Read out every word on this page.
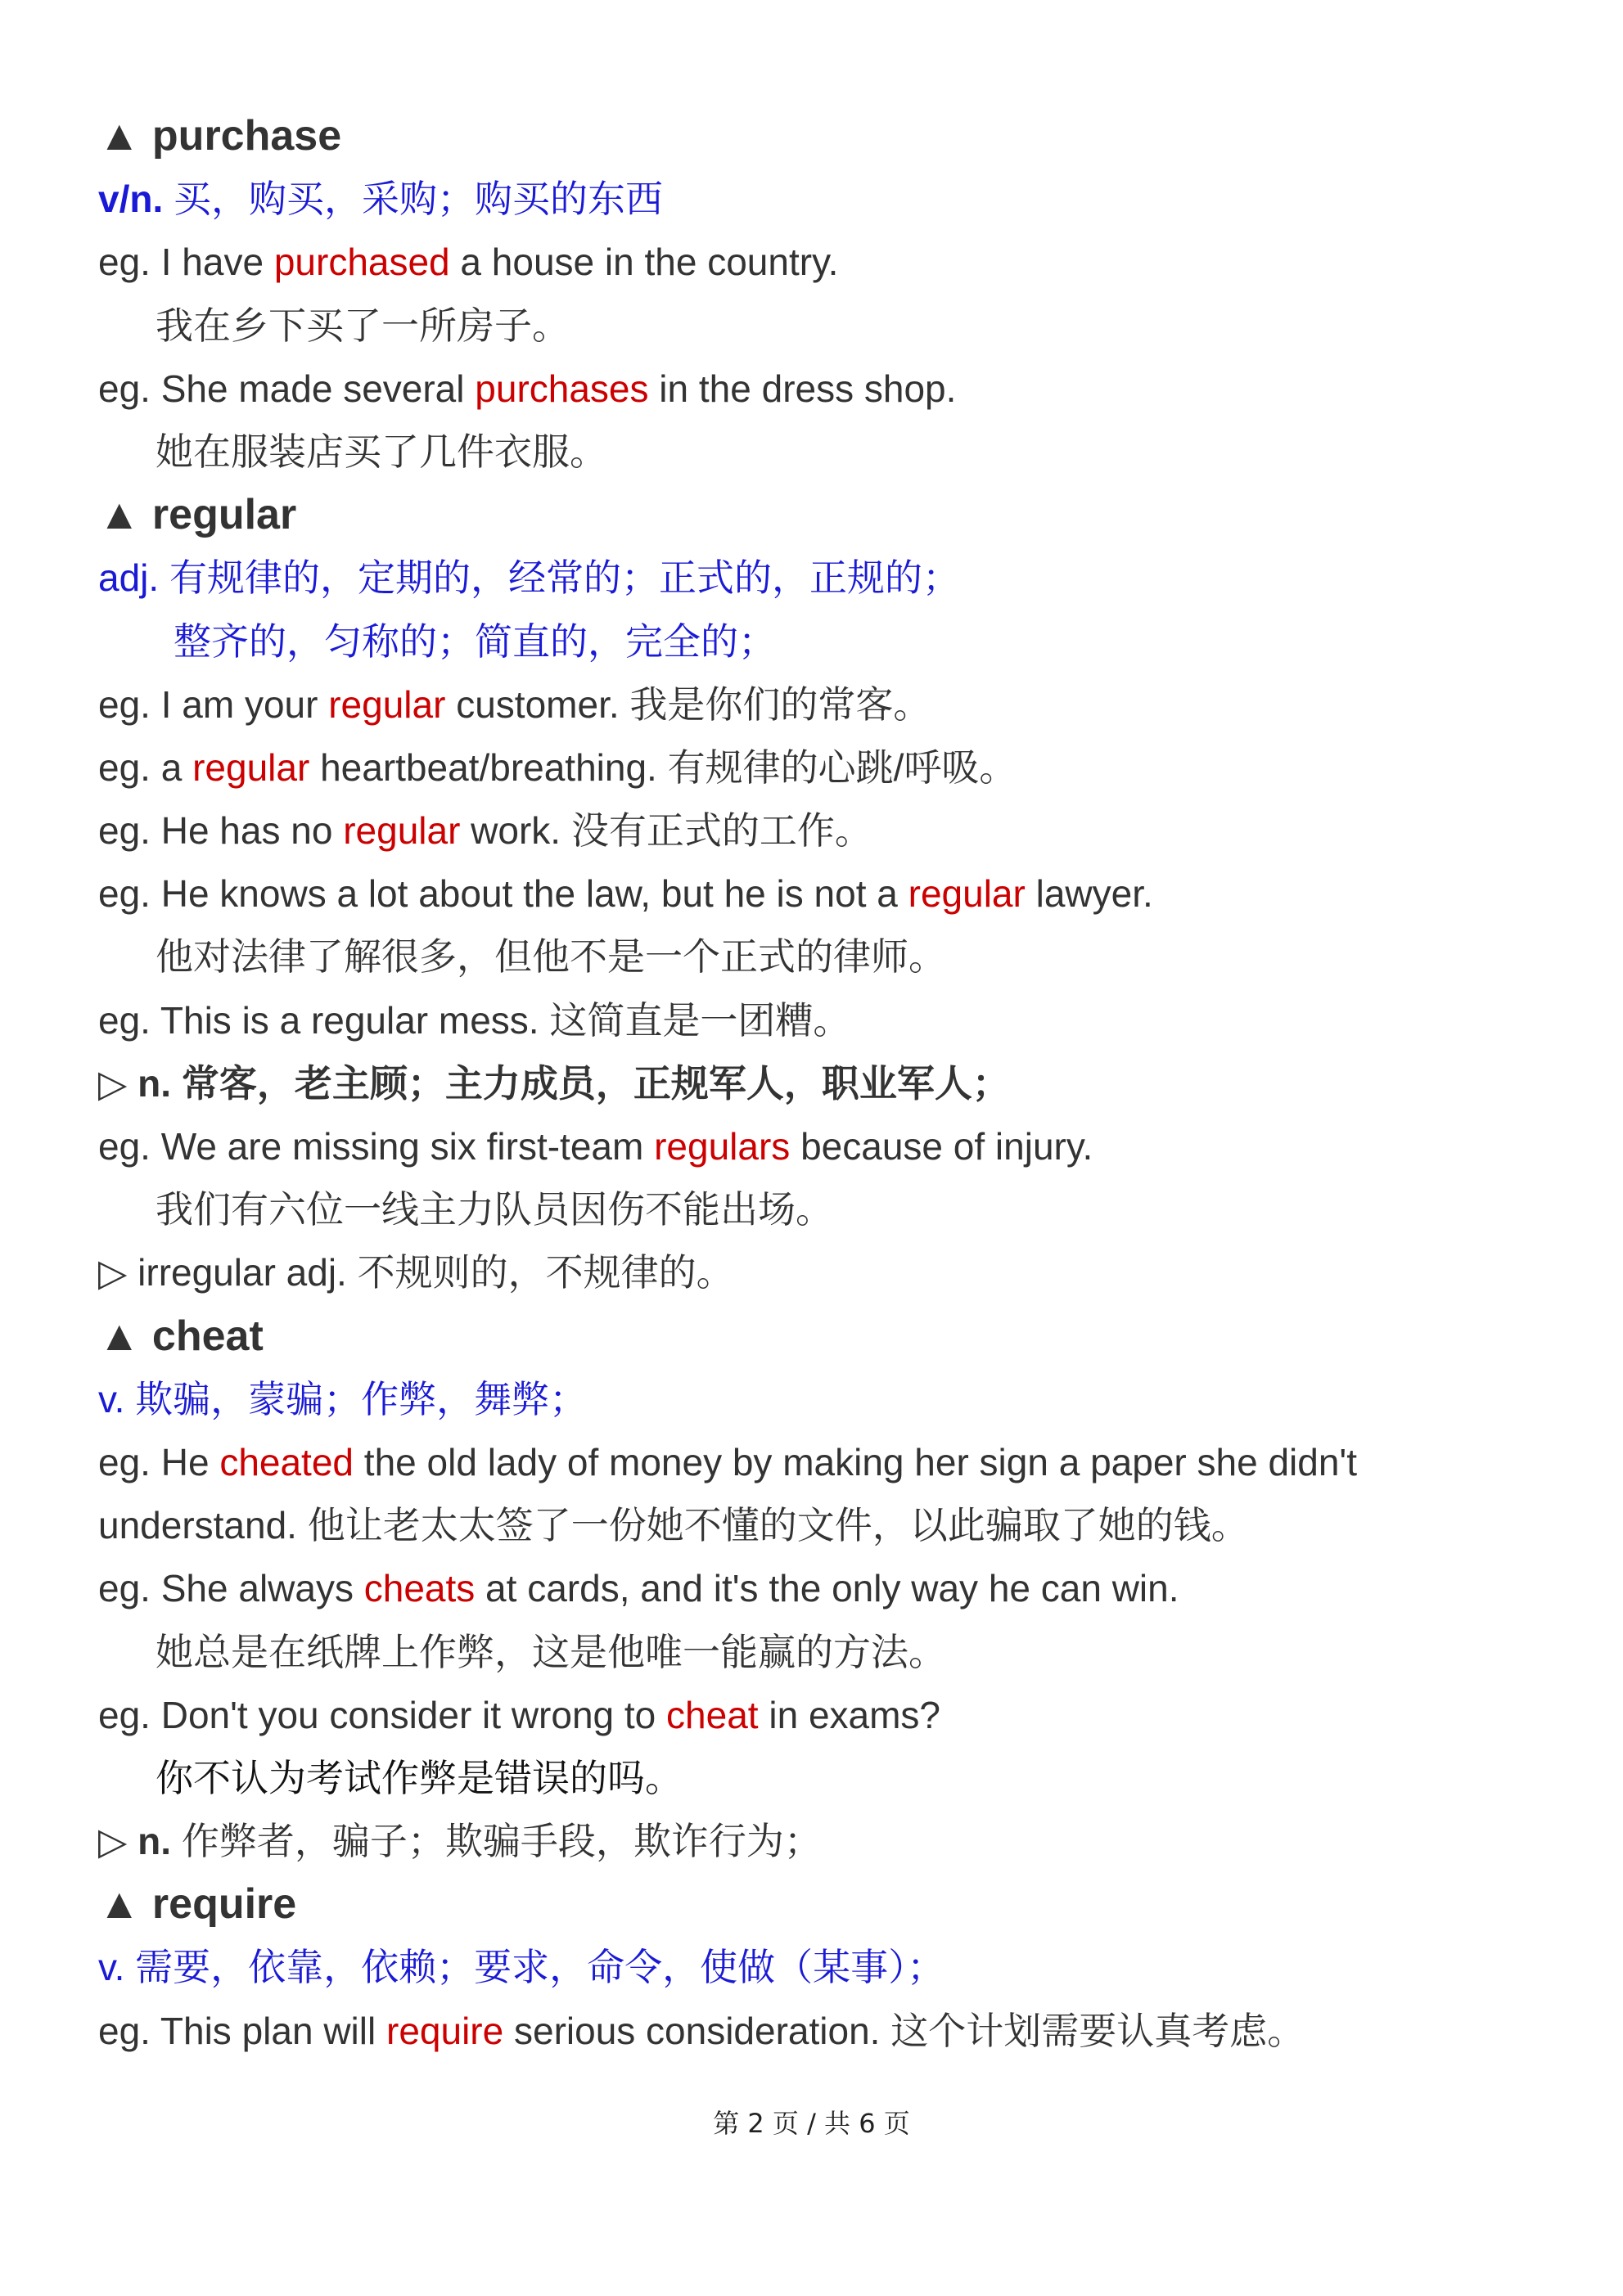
▲ purchase
v/n. 买，购买，采购；购买的东西
eg. I have purchased a house in the country.
我在乡下买了一所房子。
eg. She made several purchases in the dress shop.
她在服装店买了几件衣服。
▲ regular
adj. 有规律的，定期的，经常的；正式的，正规的；
整齐的，匀称的；简直的，完全的；
eg. I am your regular customer. 我是你们的常客。
eg. a regular heartbeat/breathing. 有规律的心跳/呼吸。
eg. He has no regular work. 没有正式的工作。
eg. He knows a lot about the law, but he is not a regular lawyer.
他对法律了解很多，但他不是一个正式的律师。
eg. This is a regular mess. 这简直是一团糟。
▷ n. 常客，老主顾；主力成员，正规军人，职业军人；
eg. We are missing six first-team regulars because of injury.
我们有六位一线主力队员因伤不能出场。
▷ irregular adj. 不规则的，不规律的。
▲ cheat
v. 欺骗，蒙骗；作弊，舞弊；
eg. He cheated the old lady of money by making her sign a paper she didn't
understand. 他让老太太签了一份她不懂的文件，以此骗取了她的钱。
eg. She always cheats at cards, and it's the only way he can win.
她总是在纸牌上作弊，这是他唯一能赢的方法。
eg. Don't you consider it wrong to cheat in exams?
你不认为考试作弊是错误的吗。
▷ n. 作弊者，骗子；欺骗手段，欺诈行为；
▲ require
v. 需要，依靠，依赖；要求，命令，使做（某事）；
eg. This plan will require serious consideration. 这个计划需要认真考虑。
第 2 页 / 共 6 页
